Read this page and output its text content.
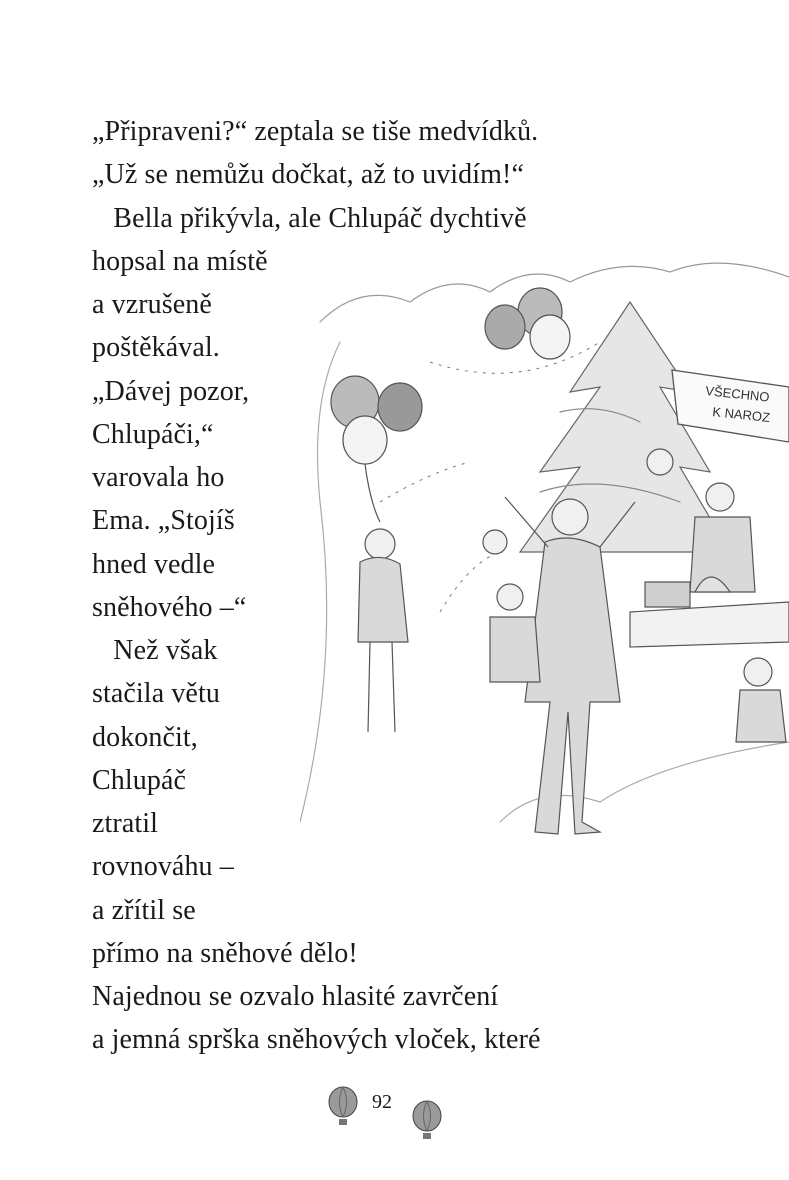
„Připraveni?“ zeptala se tiše medvídků.
„Už se nemůžu dočkat, až to uvidím!“
Bella přikývla, ale Chlupáč dychtivě
hopsal na místě
a vzrušeně
poštěkával.
„Dávej pozor,
Chlupáči,“
varovala ho
Ema. „Stojíš
hned vedle
sněhového –“
Než však
stačila větu
dokončit,
Chlupáč
ztratil
rovnováhu –
a zřítil se
přímo na sněhové dělo!
Najednou se ozvalo hlasité zavrčení
a jemná sprška sněhových vloček, které
VŠECHNO
K NAROZ
92
